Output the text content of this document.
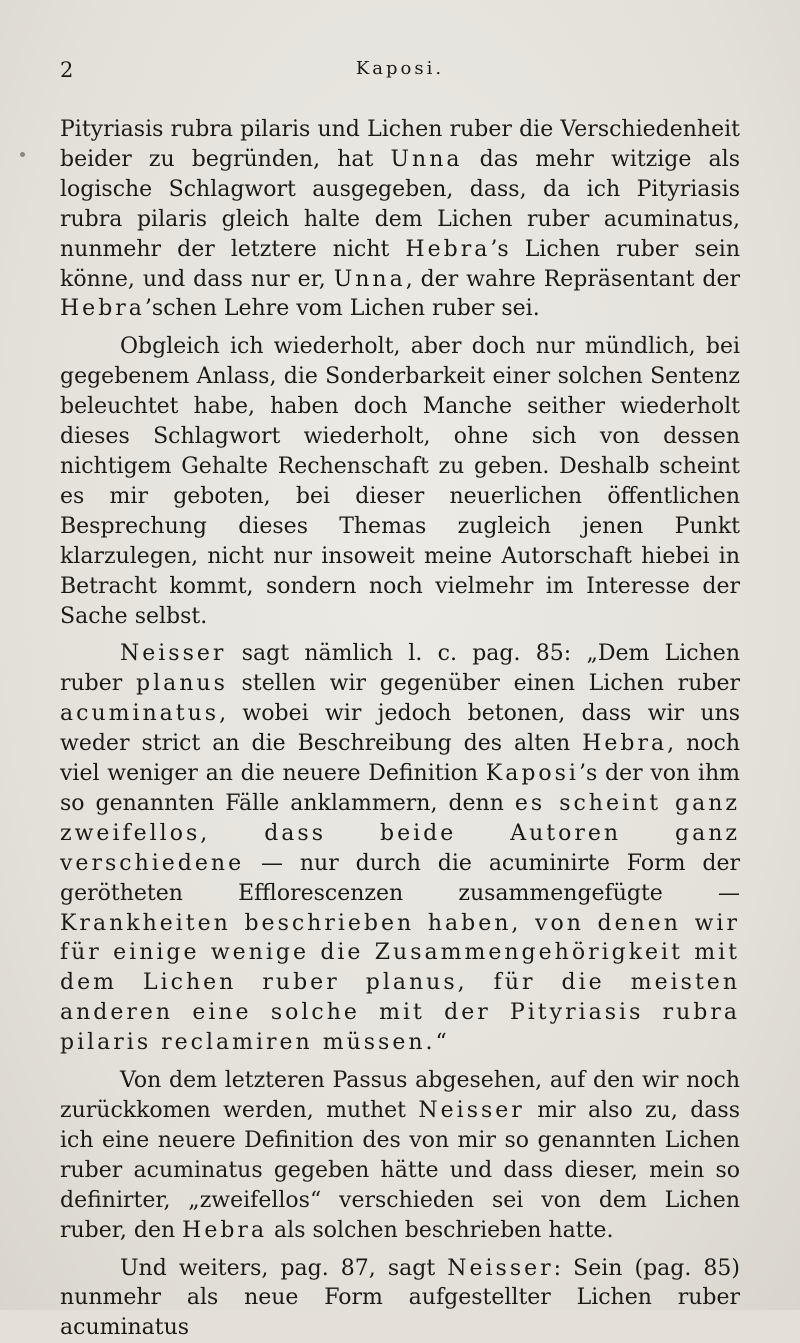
2	Kaposi.

Pityriasis rubra pilaris und Lichen ruber die Verschiedenheit beider zu begründen, hat Unna das mehr witzige als logische Schlagwort ausgegeben, dass, da ich Pityriasis rubra pilaris gleich halte dem Lichen ruber acuminatus, nunmehr der letztere nicht Hebra’s Lichen ruber sein könne, und dass nur er, Unna, der wahre Repräsentant der Hebra’schen Lehre vom Lichen ruber sei.

Obgleich ich wiederholt, aber doch nur mündlich, bei gegebenem Anlass, die Sonderbarkeit einer solchen Sentenz beleuchtet habe, haben doch Manche seither wiederholt dieses Schlagwort wiederholt, ohne sich von dessen nichtigem Gehalte Rechenschaft zu geben. Deshalb scheint es mir geboten, bei dieser neuerlichen öffentlichen Besprechung dieses Themas zugleich jenen Punkt klarzulegen, nicht nur insoweit meine Autorschaft hiebei in Betracht kommt, sondern noch vielmehr im Interesse der Sache selbst.

Neisser sagt nämlich l. c. pag. 85: „Dem Lichen ruber planus stellen wir gegenüber einen Lichen ruber acuminatus, wobei wir jedoch betonen, dass wir uns weder strict an die Beschreibung des alten Hebra, noch viel weniger an die neuere Definition Kaposi’s der von ihm so genannten Fälle anklammern, denn es scheint ganz zweifellos, dass beide Autoren ganz verschiedene — nur durch die acuminirte Form der gerötheten Efflorescenzen zusammengefügte — Krankheiten beschrieben haben, von denen wir für einige wenige die Zusammengehörigkeit mit dem Lichen ruber planus, für die meisten anderen eine solche mit der Pityriasis rubra pilaris reclamiren müssen.“

Von dem letzteren Passus abgesehen, auf den wir noch zurückkomen werden, muthet Neisser mir also zu, dass ich eine neuere Definition des von mir so genannten Lichen ruber acuminatus gegeben hätte und dass dieser, mein so definirter, „zweifellos“ verschieden sei von dem Lichen ruber, den Hebra als solchen beschrieben hatte.

Und weiters, pag. 87, sagt Neisser: Sein (pag. 85) nunmehr als neue Form aufgestellter Lichen ruber acuminatus
